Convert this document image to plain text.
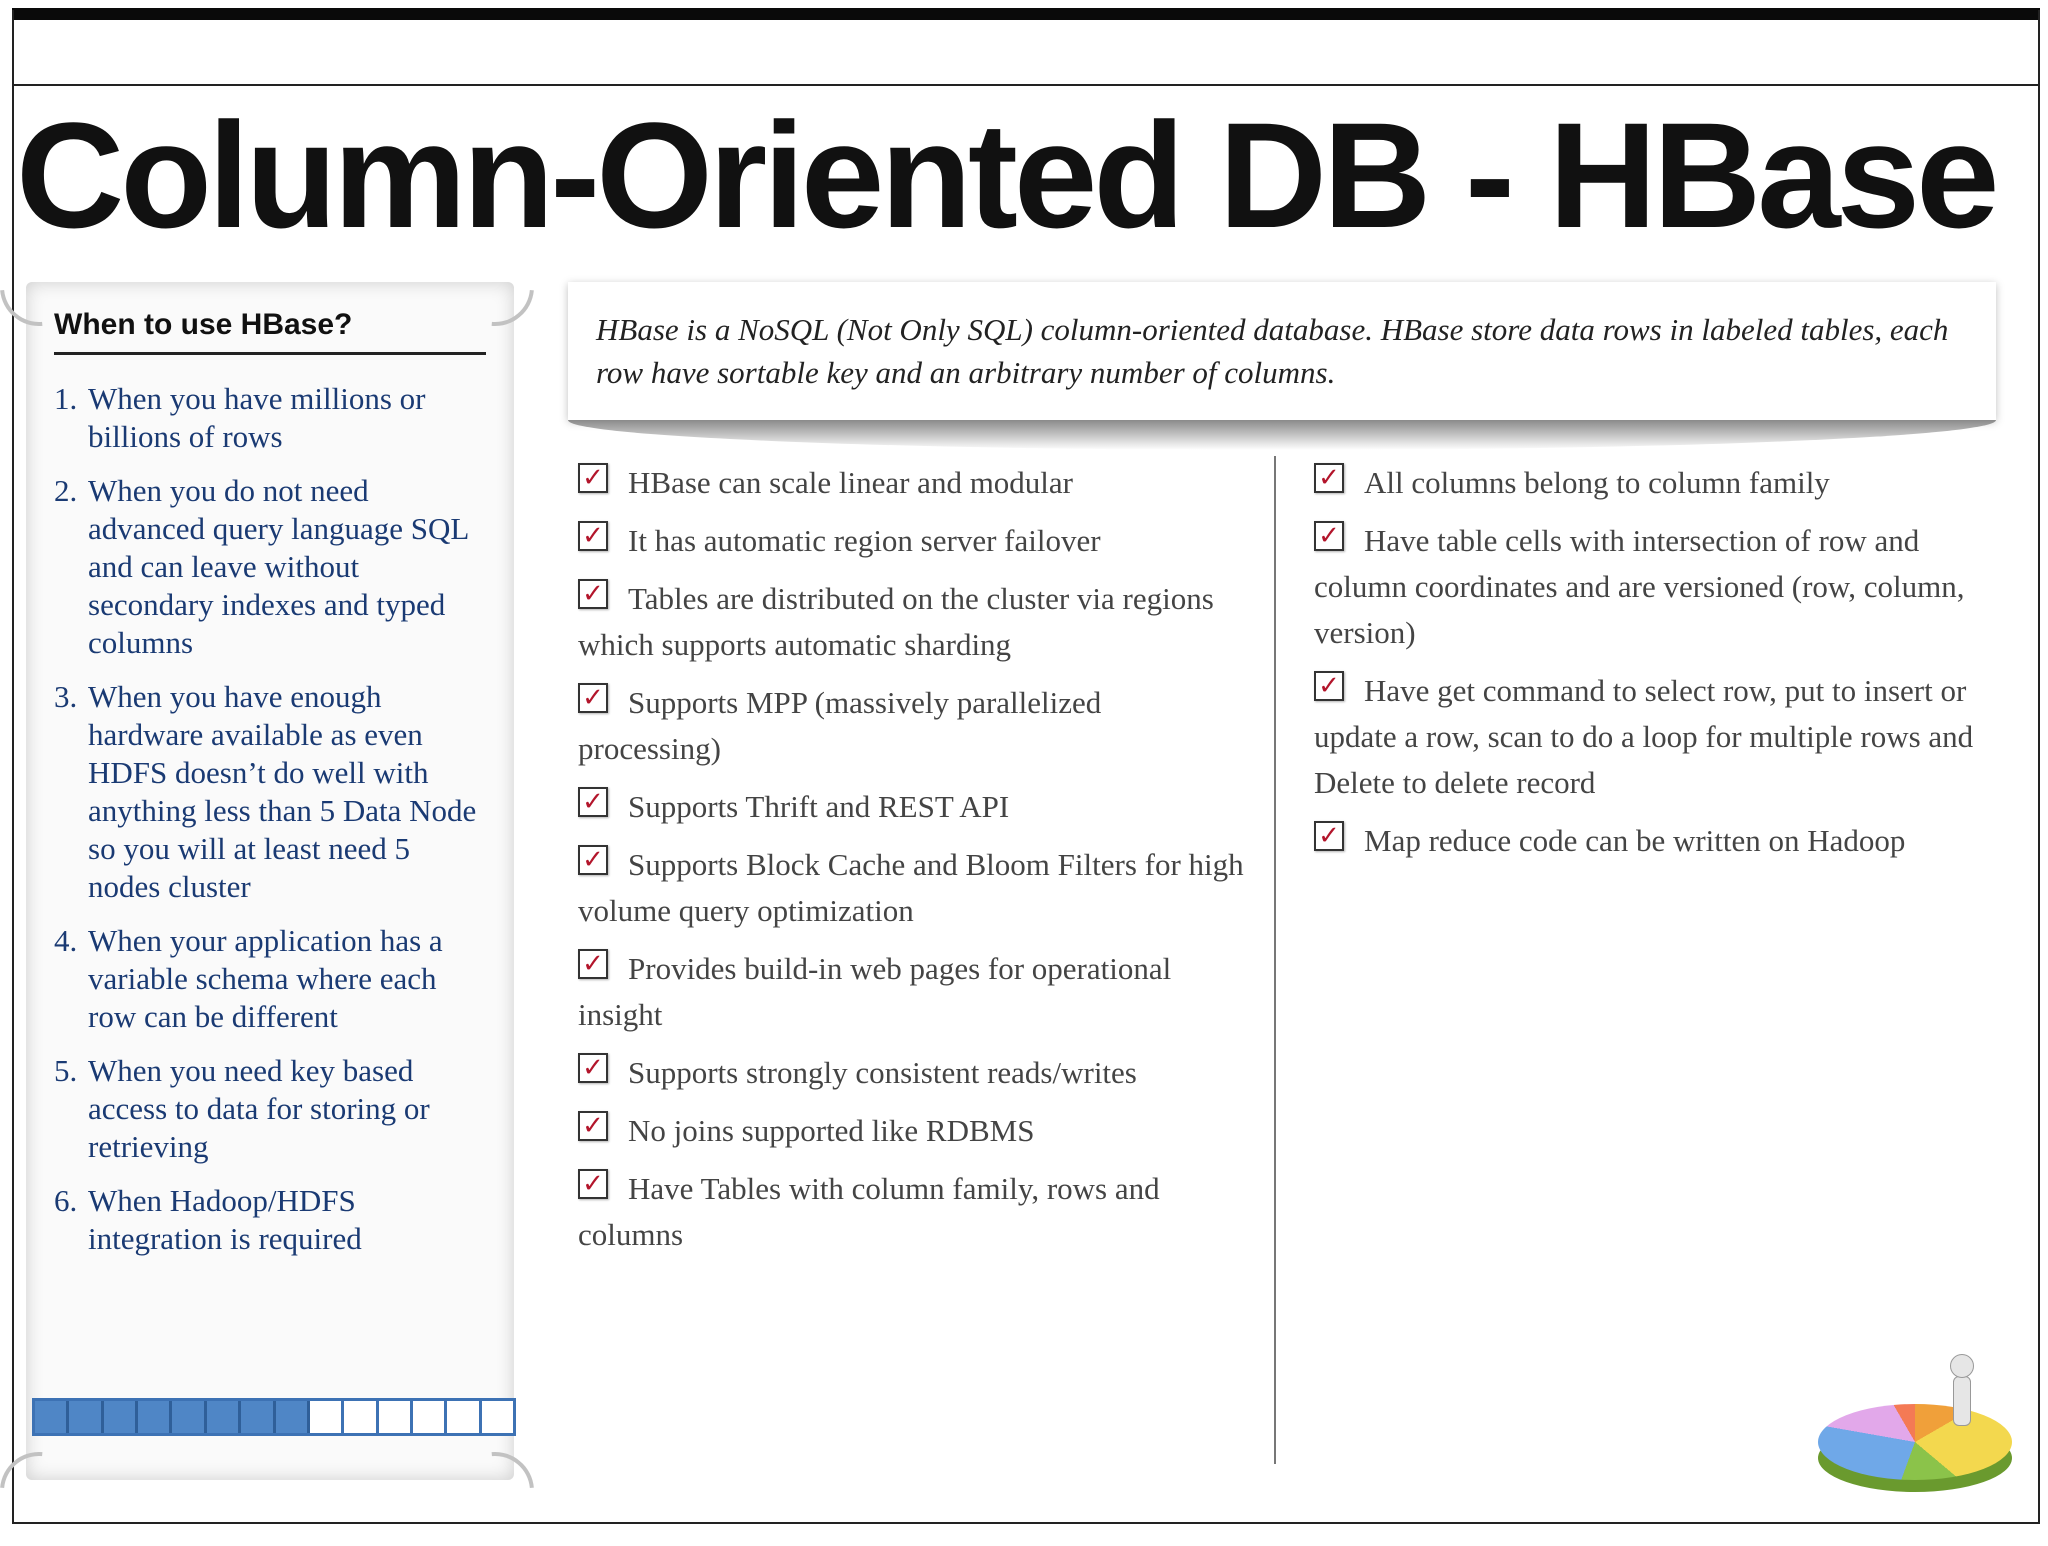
Column-Oriented DB - HBase
When to use HBase?
1. When you have millions or billions of rows
2. When you do not need advanced query language SQL and can leave without secondary indexes and typed columns
3. When you have enough hardware available as even HDFS doesn’t do well with anything less than 5 Data Node so you will at least need 5 nodes cluster
4. When your application has a variable schema where each row can be different
5. When you need key based access to data for storing or retrieving
6. When Hadoop/HDFS integration is required
HBase is a NoSQL (Not Only SQL) column-oriented database. HBase store data rows in labeled tables, each row have sortable key and an arbitrary number of columns.
✓ HBase can scale linear and modular
✓ It has automatic region server failover
✓ Tables are distributed on the cluster via regions which supports automatic sharding
✓ Supports MPP (massively parallelized processing)
✓ Supports Thrift and REST API
✓ Supports Block Cache and Bloom Filters for high volume query optimization
✓ Provides build-in web pages for operational insight
✓ Supports strongly consistent reads/writes
✓ No joins supported like RDBMS
✓ Have Tables with column family, rows and columns
✓ All columns belong to column family
✓ Have table cells with intersection of row and column coordinates and are versioned (row, column, version)
✓ Have get command to select row, put to insert or update a row, scan to do a loop for multiple rows and Delete to delete record
✓ Map reduce code can be written on Hadoop
